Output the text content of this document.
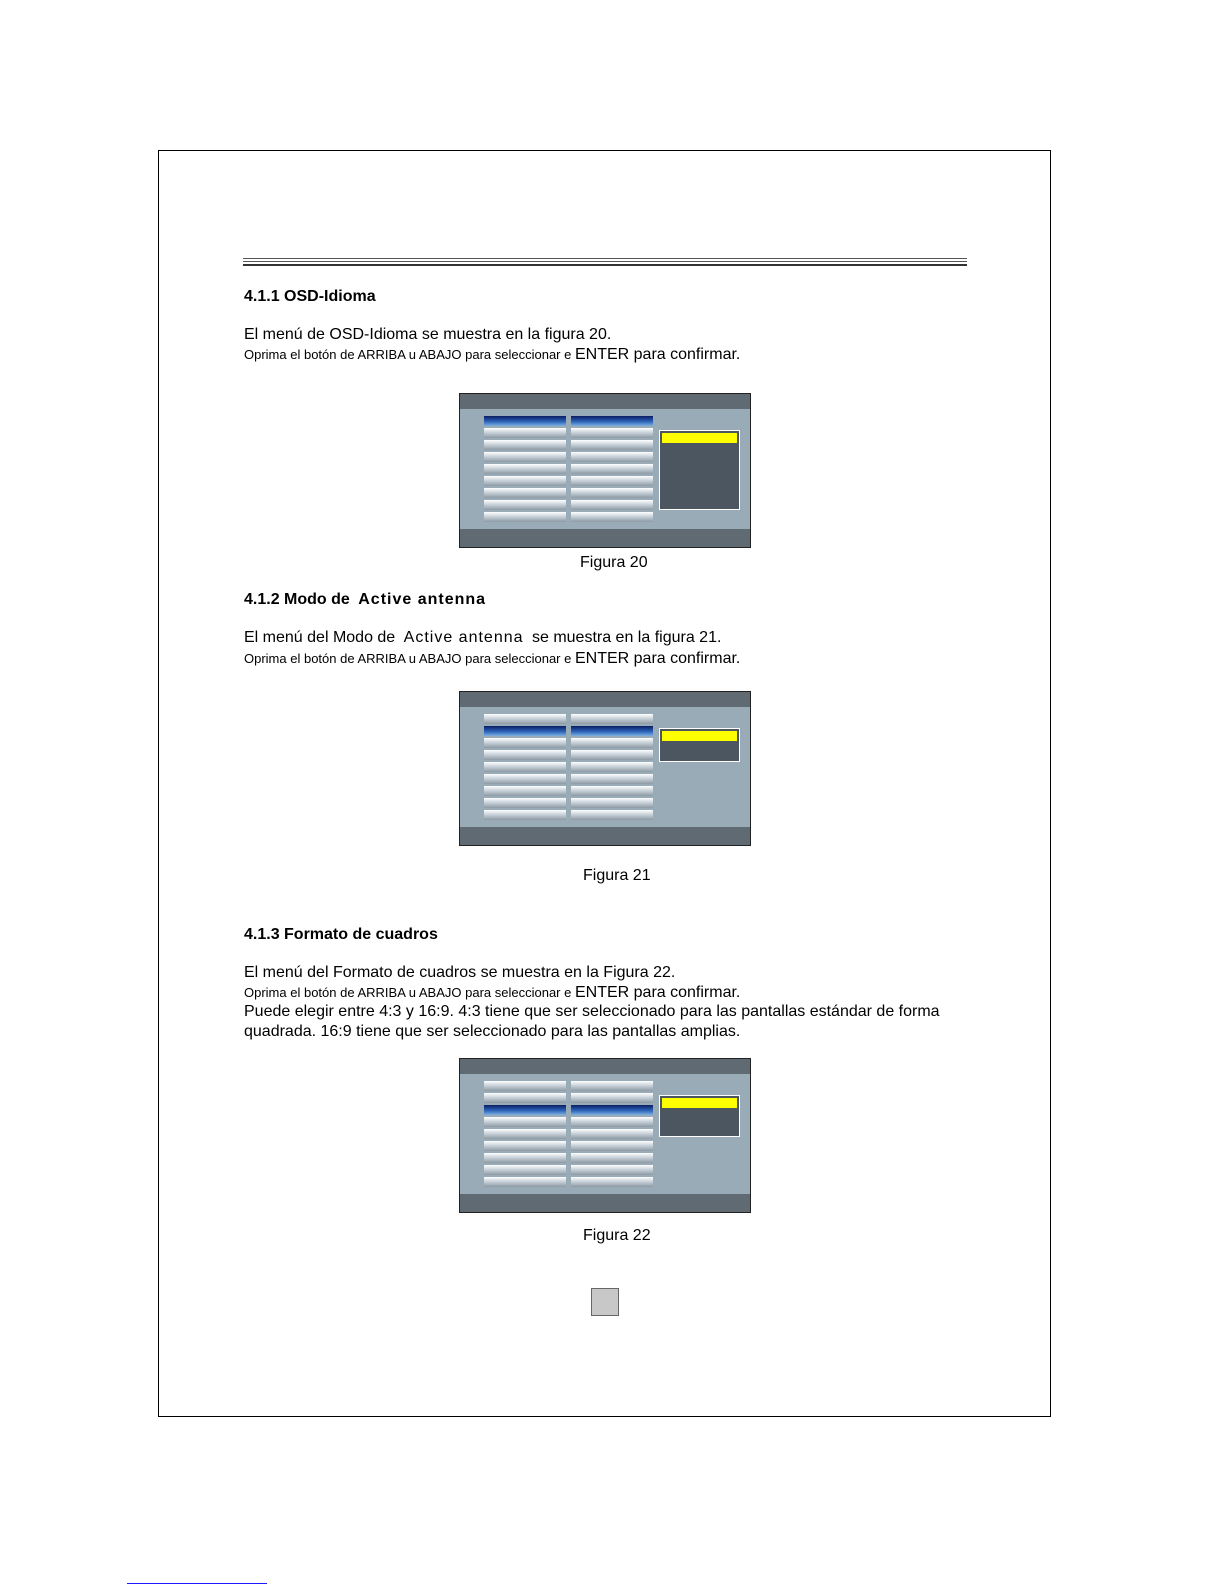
4.1.1 OSD-Idioma
El menú de OSD-Idioma se muestra en la figura 20.
Oprima el botón de ARRIBA u ABAJO para seleccionar e ENTER para confirmar.
Figura 20
4.1.2 Modo de Active antenna
El menú del Modo de Active antenna se muestra en la figura 21.
Oprima el botón de ARRIBA u ABAJO para seleccionar e ENTER para confirmar.
Figura 21
4.1.3 Formato de cuadros
El menú del Formato de cuadros se muestra en la Figura 22.
Oprima el botón de ARRIBA u ABAJO para seleccionar e ENTER para confirmar.
Puede elegir entre 4:3 y 16:9. 4:3 tiene que ser seleccionado para las pantallas estándar de forma
quadrada. 16:9 tiene que ser seleccionado para las pantallas amplias.
Figura 22
